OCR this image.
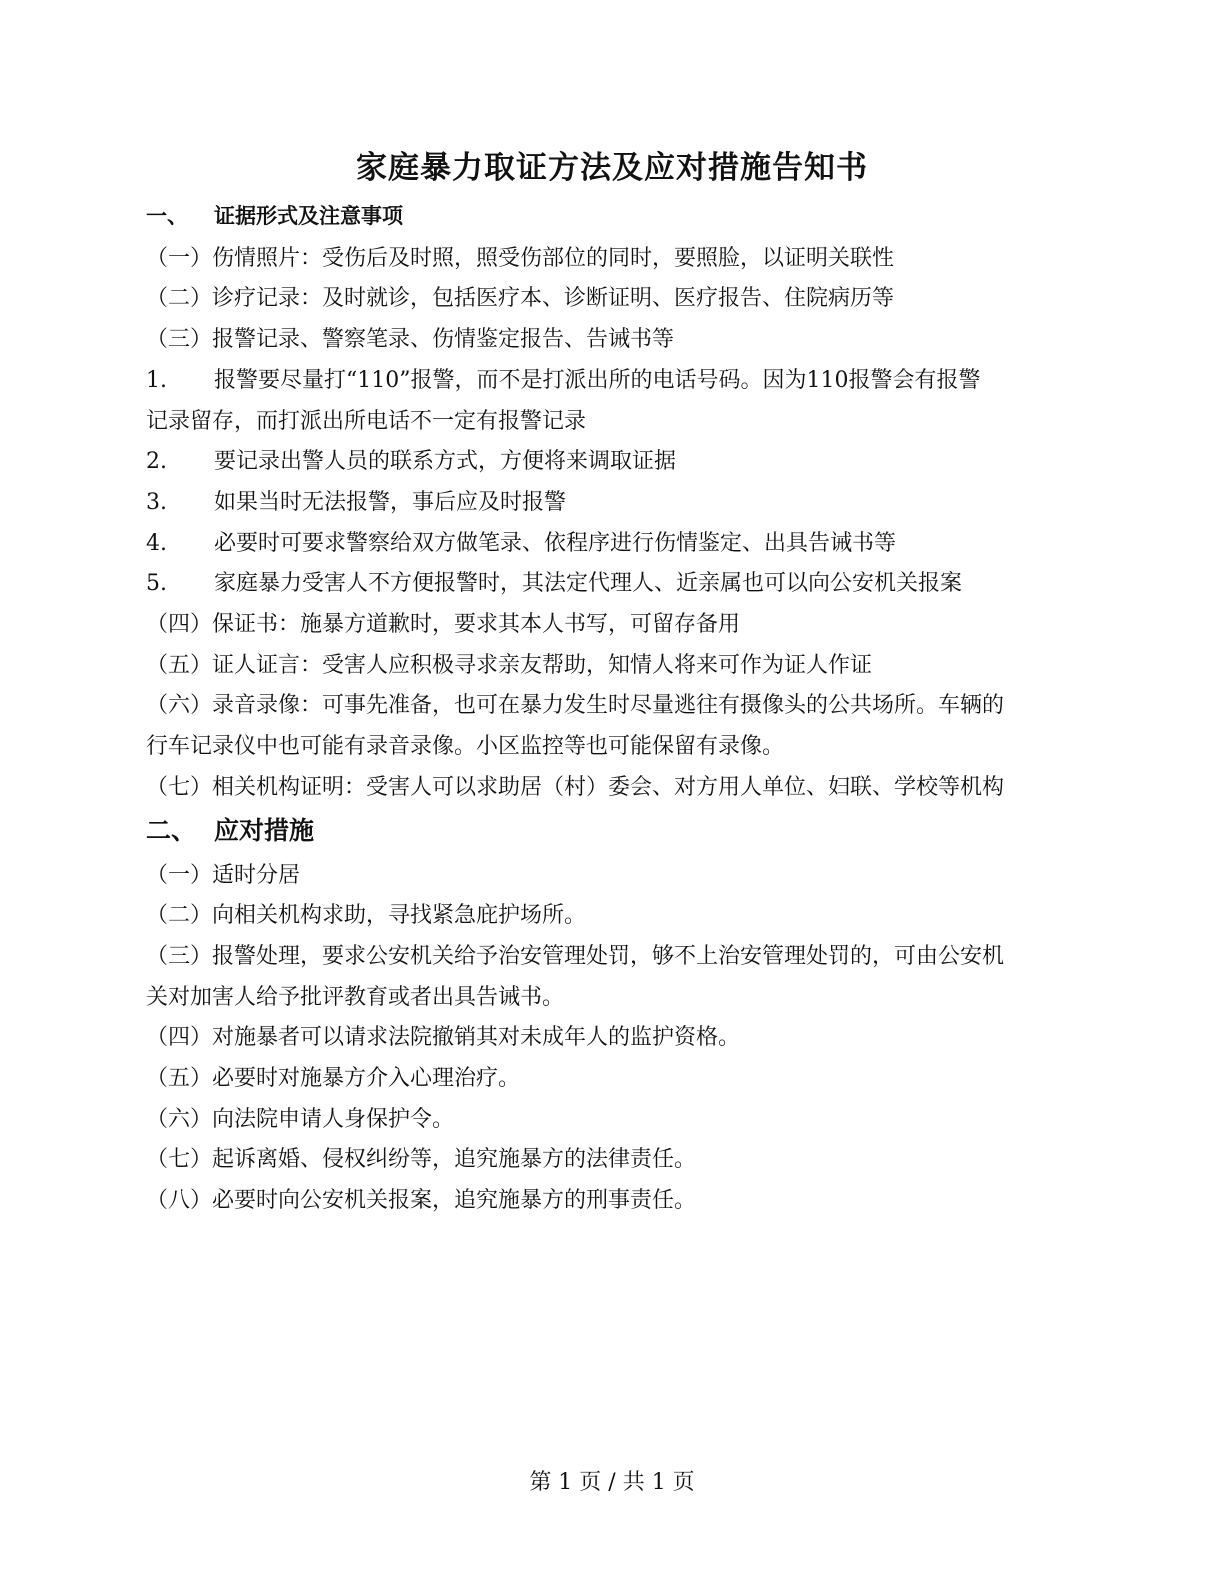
家庭暴力取证方法及应对措施告知书
一、 证据形式及注意事项
（一）伤情照片：受伤后及时照，照受伤部位的同时，要照脸，以证明关联性
（二）诊疗记录：及时就诊，包括医疗本、诊断证明、医疗报告、住院病历等
（三）报警记录、警察笔录、伤情鉴定报告、告诫书等
1. 报警要尽量打“110”报警，而不是打派出所的电话号码。因为110报警会有报警
记录留存，而打派出所电话不一定有报警记录
2. 要记录出警人员的联系方式，方便将来调取证据
3. 如果当时无法报警，事后应及时报警
4. 必要时可要求警察给双方做笔录、依程序进行伤情鉴定、出具告诫书等
5. 家庭暴力受害人不方便报警时，其法定代理人、近亲属也可以向公安机关报案
（四）保证书：施暴方道歉时，要求其本人书写，可留存备用
（五）证人证言：受害人应积极寻求亲友帮助，知情人将来可作为证人作证
（六）录音录像：可事先准备，也可在暴力发生时尽量逃往有摄像头的公共场所。车辆的
行车记录仪中也可能有录音录像。小区监控等也可能保留有录像。
（七）相关机构证明：受害人可以求助居（村）委会、对方用人单位、妇联、学校等机构
二、 应对措施
（一）适时分居
（二）向相关机构求助，寻找紧急庇护场所。
（三）报警处理，要求公安机关给予治安管理处罚，够不上治安管理处罚的，可由公安机
关对加害人给予批评教育或者出具告诫书。
（四）对施暴者可以请求法院撤销其对未成年人的监护资格。
（五）必要时对施暴方介入心理治疗。
（六）向法院申请人身保护令。
（七）起诉离婚、侵权纠纷等，追究施暴方的法律责任。
（八）必要时向公安机关报案，追究施暴方的刑事责任。
第 1 页 / 共 1 页
